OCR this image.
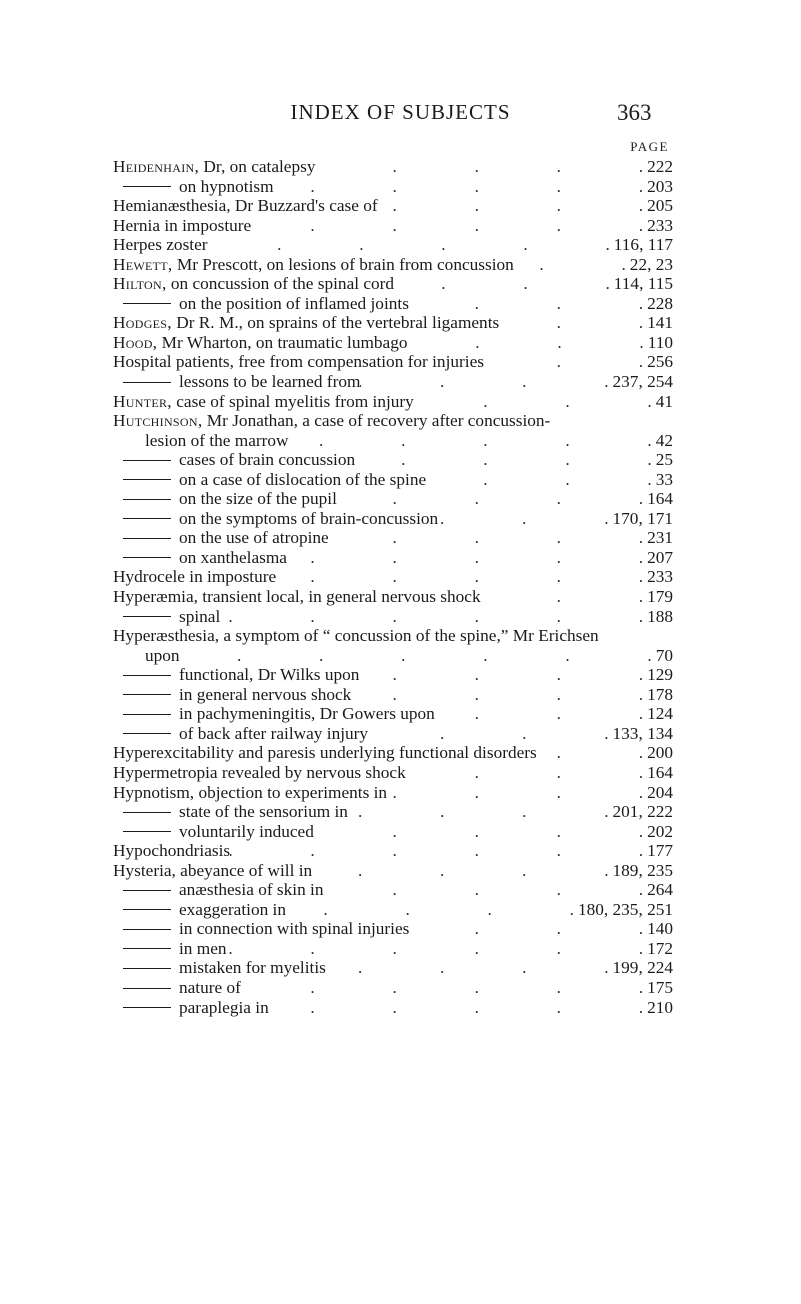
INDEX OF SUBJECTS	363
PAGE
Heidenhain, Dr, on catalepsy .	222
on hypnotism .	203
Hemianæsthesia, Dr Buzzard's case of .	205
Hernia in imposture .	233
Herpes zoster .	116, 117
Hewett, Mr Prescott, on lesions of brain from concussion .	22, 23
Hilton, on concussion of the spinal cord .	114, 115
on the position of inflamed joints .	228
Hodges, Dr R. M., on sprains of the vertebral ligaments .	141
Hood, Mr Wharton, on traumatic lumbago .	110
Hospital patients, free from compensation for injuries .	256
lessons to be learned from .	237, 254
Hunter, case of spinal myelitis from injury .	41
Hutchinson, Mr Jonathan, a case of recovery after concussion-
lesion of the marrow .	42
cases of brain concussion .	25
on a case of dislocation of the spine .	33
on the size of the pupil .	164
on the symptoms of brain-concussion .	170, 171
on the use of atropine .	231
on xanthelasma .	207
Hydrocele in imposture .	233
Hyperæmia, transient local, in general nervous shock .	179
spinal .	188
Hyperæsthesia, a symptom of “ concussion of the spine,” Mr Erichsen
upon .	70
functional, Dr Wilks upon .	129
in general nervous shock .	178
in pachymeningitis, Dr Gowers upon .	124
of back after railway injury .	133, 134
Hyperexcitability and paresis underlying functional disorders .	200
Hypermetropia revealed by nervous shock .	164
Hypnotism, objection to experiments in .	204
state of the sensorium in .	201, 222
voluntarily induced .	202
Hypochondriasis .	177
Hysteria, abeyance of will in .	189, 235
anæsthesia of skin in .	264
exaggeration in .	180, 235, 251
in connection with spinal injuries .	140
in men .	172
mistaken for myelitis .	199, 224
nature of .	175
paraplegia in .	210
